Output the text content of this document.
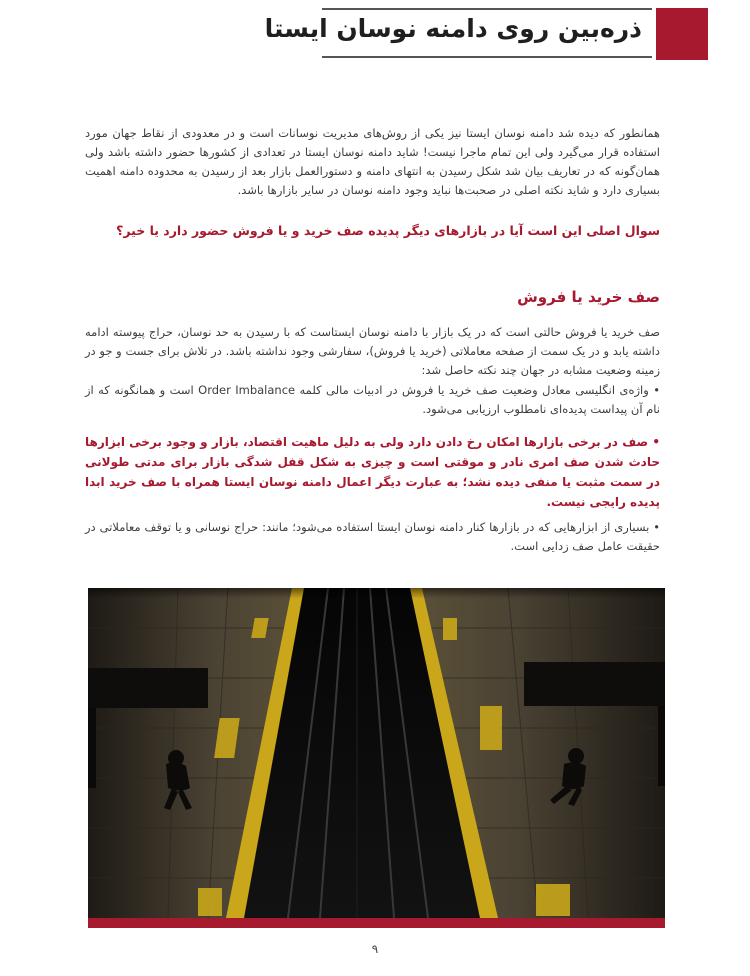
ذره‌بین روی دامنه نوسان ایستا
همانطور که دیده شد دامنه نوسان ایستا نیز یکی از روش‌های مدیریت نوسانات است و در معدودی از نقاط جهان مورد استفاده قرار می‌گیرد ولی این تمام ماجرا نیست! شاید دامنه نوسان ایستا در تعدادی از کشورها حضور داشته باشد ولی همان‌گونه که در تعاریف بیان شد شکل رسیدن به انتهای دامنه و دستورالعمل بازار بعد از رسیدن به محدوده دامنه اهمیت بسیاری دارد و شاید نکته اصلی در صحبت‌ها نباید وجود دامنه نوسان در سایر بازارها باشد.
سوال اصلی این است آیا در بازارهای دیگر پدیده صف خرید و یا فروش حضور دارد یا خیر؟
صف خرید یا فروش
صف خرید یا فروش حالتی است که در یک بازار با دامنه نوسان ایستاست که با رسیدن به حد نوسان، حراج پیوسته ادامه داشته یابد و در یک سمت از صفحه معاملاتی (خرید یا فروش)، سفارشی وجود نداشته باشد. در تلاش برای جست و جو در زمینه وضعیت مشابه در جهان چند نکته حاصل شد:
• واژه‌ی انگلیسی معادل وضعیت صف خرید یا فروش در ادبیات مالی کلمه Order Imbalance است و همانگونه که از نام آن پیداست پدیده‌ای نامطلوب ارزیابی می‌شود.
• صف در برخی بازارها امکان رخ دادن دارد ولی به دلیل ماهیت اقتصاد، بازار و وجود برخی ابزارها حادث شدن صف امری نادر و موقتی است و چیزی به شکل قفل شدگی بازار برای مدتی طولانی در سمت مثبت یا منفی دیده نشد؛ به عبارت دیگر اعمال دامنه نوسان ایستا همراه با صف خرید ابدا پدیده رایجی نیست.
• بسیاری از ابزارهایی که در بازارها کنار دامنه نوسان ایستا استفاده می‌شود؛ مانند: حراج نوسانی و یا توقف معاملاتی در حقیقت عامل صف زدایی است.
۹
